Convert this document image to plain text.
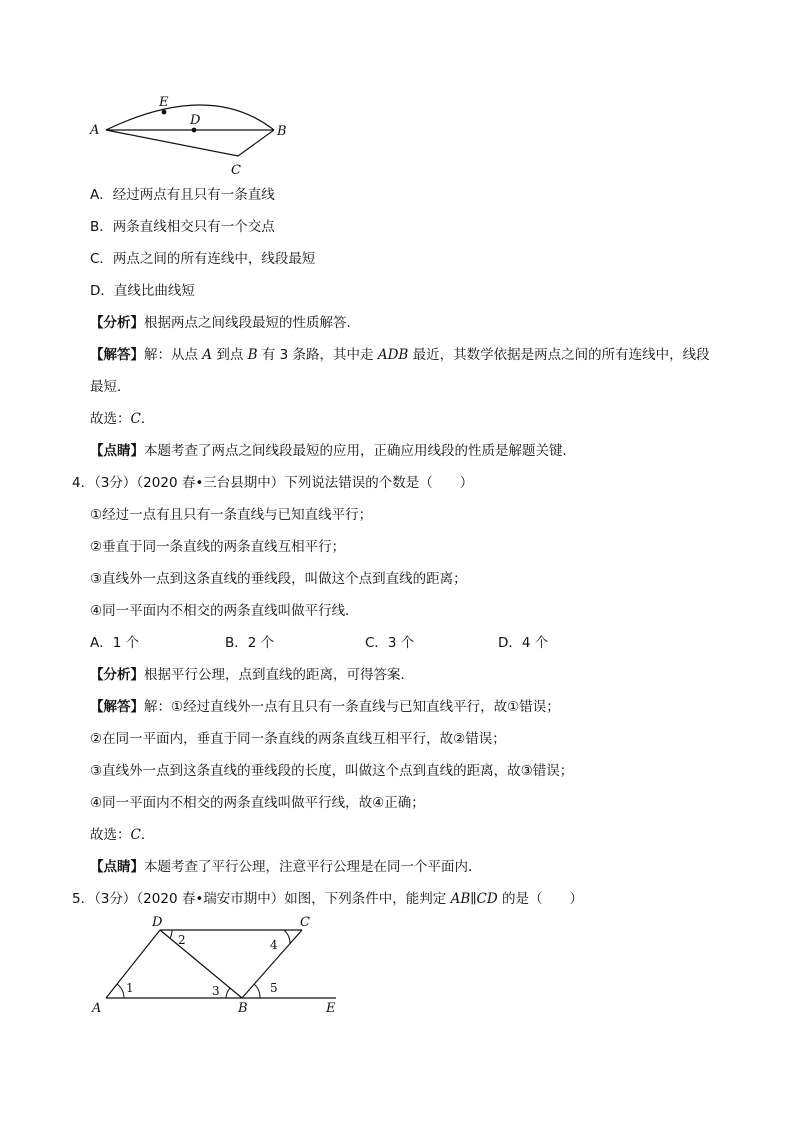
A	B
C
D
E
A．经过两点有且只有一条直线
B．两条直线相交只有一个交点
C．两点之间的所有连线中，线段最短
D．直线比曲线短
【分析】根据两点之间线段最短的性质解答．
【解答】解：从点 A 到点 B 有 3 条路，其中走 ADB 最近，其数学依据是两点之间的所有连线中，线段
最短．
故选：C．
【点睛】本题考查了两点之间线段最短的应用，正确应用线段的性质是解题关键．
4．（3分）（2020 春•三台县期中）下列说法错误的个数是（　　）
①经过一点有且只有一条直线与已知直线平行；
②垂直于同一条直线的两条直线互相平行；
③直线外一点到这条直线的垂线段，叫做这个点到直线的距离；
④同一平面内不相交的两条直线叫做平行线．
A．1 个	B．2 个	C．3 个	D．4 个
【分析】根据平行公理，点到直线的距离，可得答案．
【解答】解：①经过直线外一点有且只有一条直线与已知直线平行，故①错误；
②在同一平面内，垂直于同一条直线的两条直线互相平行，故②错误；
③直线外一点到这条直线的垂线段的长度，叫做这个点到直线的距离，故③错误；
④同一平面内不相交的两条直线叫做平行线，故④正确；
故选：C．
【点睛】本题考查了平行公理，注意平行公理是在同一个平面内．
5．（3分）（2020 春•瑞安市期中）如图，下列条件中，能判定 AB∥CD 的是（　　）
D	C
A	B	E
1
2
3
4
5
